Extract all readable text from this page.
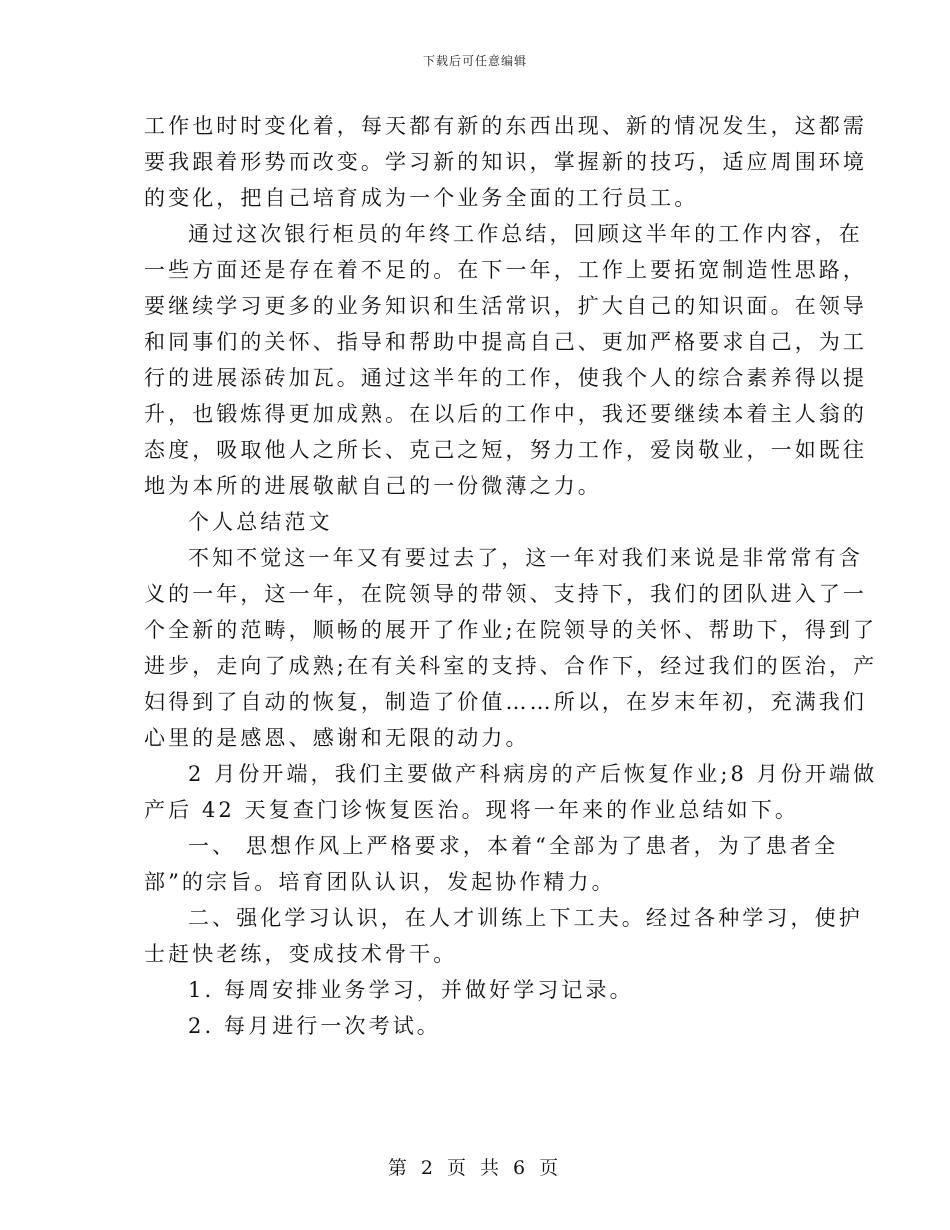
下载后可任意编辑
工作也时时变化着，每天都有新的东西出现、新的情况发生，这都需
要我跟着形势而改变。学习新的知识，掌握新的技巧，适应周围环境
的变化，把自己培育成为一个业务全面的工行员工。
通过这次银行柜员的年终工作总结，回顾这半年的工作内容，在
一些方面还是存在着不足的。在下一年，工作上要拓宽制造性思路，
要继续学习更多的业务知识和生活常识，扩大自己的知识面。在领导
和同事们的关怀、指导和帮助中提高自己、更加严格要求自己，为工
行的进展添砖加瓦。通过这半年的工作，使我个人的综合素养得以提
升，也锻炼得更加成熟。在以后的工作中，我还要继续本着主人翁的
态度，吸取他人之所长、克己之短，努力工作，爱岗敬业，一如既往
地为本所的进展敬献自己的一份微薄之力。
个人总结范文
不知不觉这一年又有要过去了，这一年对我们来说是非常常有含
义的一年，这一年，在院领导的带领、支持下，我们的团队进入了一
个全新的范畴，顺畅的展开了作业;在院领导的关怀、帮助下，得到了
进步，走向了成熟;在有关科室的支持、合作下，经过我们的医治，产
妇得到了自动的恢复，制造了价值……所以，在岁末年初，充满我们
心里的是感恩、感谢和无限的动力。
2 月份开端，我们主要做产科病房的产后恢复作业;8 月份开端做
产后 42 天复查门诊恢复医治。现将一年来的作业总结如下。
一、 思想作风上严格要求，本着“全部为了患者，为了患者全
部”的宗旨。培育团队认识，发起协作精力。
二、强化学习认识，在人才训练上下工夫。经过各种学习，使护
士赶快老练，变成技术骨干。
1. 每周安排业务学习，并做好学习记录。
2. 每月进行一次考试。
第 2 页 共 6 页
